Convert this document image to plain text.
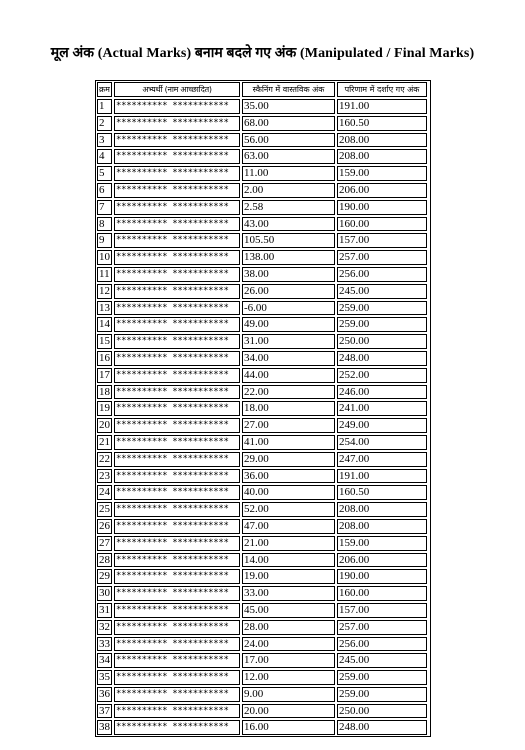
मूल अंक (Actual Marks) बनाम बदले गए अंक (Manipulated / Final Marks)
क्रम	अभ्यर्थी (नाम आच्छादित)	स्कैनिंग में वास्तविक अंक	परिणाम में दर्शाए गए अंक
1	********** ***********	35.00	191.00
2	********** ***********	68.00	160.50
3	********** ***********	56.00	208.00
4	********** ***********	63.00	208.00
5	********** ***********	11.00	159.00
6	********** ***********	2.00	206.00
7	********** ***********	2.58	190.00
8	********** ***********	43.00	160.00
9	********** ***********	105.50	157.00
10 ********** ***********	138.00	257.00
11 ********** ***********	38.00	256.00
12 ********** ***********	26.00	245.00
13 ********** ***********	-6.00	259.00
14 ********** ***********	49.00	259.00
15 ********** ***********	31.00	250.00
16 ********** ***********	34.00	248.00
17 ********** ***********	44.00	252.00
18 ********** ***********	22.00	246.00
19 ********** ***********	18.00	241.00
20 ********** ***********	27.00	249.00
21 ********** ***********	41.00	254.00
22 ********** ***********	29.00	247.00
23 ********** ***********	36.00	191.00
24 ********** ***********	40.00	160.50
25 ********** ***********	52.00	208.00
26 ********** ***********	47.00	208.00
27 ********** ***********	21.00	159.00
28 ********** ***********	14.00	206.00
29 ********** ***********	19.00	190.00
30 ********** ***********	33.00	160.00
31 ********** ***********	45.00	157.00
32 ********** ***********	28.00	257.00
33 ********** ***********	24.00	256.00
34 ********** ***********	17.00	245.00
35 ********** ***********	12.00	259.00
36 ********** ***********	9.00	259.00
37 ********** ***********	20.00	250.00
38 ********** ***********	16.00	248.00
